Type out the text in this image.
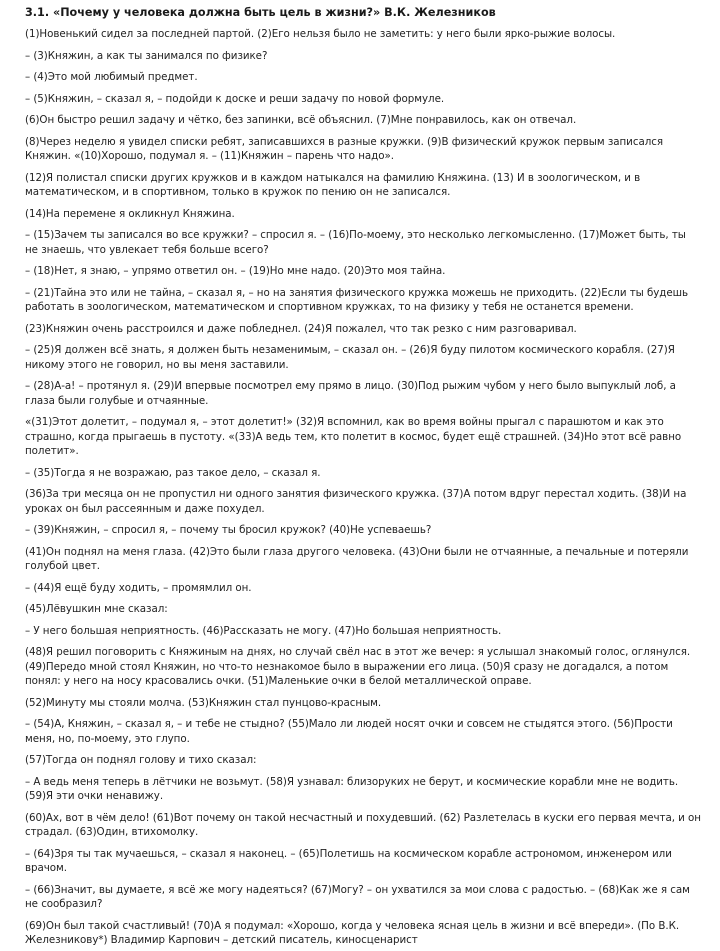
3.1. «Почему у человека должна быть цель в жизни?» В.К. Железников

(1)Новенький сидел за последней партой. (2)Его нельзя было не заметить: у него были ярко-рыжие волосы.

– (3)Княжин, а как ты занимался по физике?

– (4)Это мой любимый предмет.

– (5)Княжин, – сказал я, – подойди к доске и реши задачу по новой формуле.

(6)Он быстро решил задачу и чётко, без запинки, всё объяснил. (7)Мне понравилось, как он отвечал.

(8)Через неделю я увидел списки ребят, записавшихся в разные кружки. (9)В физический кружок первым записался Княжин. «(10)Хорошо, подумал я. – (11)Княжин – парень что надо».

(12)Я полистал списки других кружков и в каждом натыкался на фамилию Княжина. (13) И в зоологическом, и в математическом, и в спортивном, только в кружок по пению он не записался.

(14)На перемене я окликнул Княжина.

– (15)Зачем ты записался во все кружки? – спросил я. – (16)По-моему, это несколько легкомысленно. (17)Может быть, ты не знаешь, что увлекает тебя больше всего?

– (18)Нет, я знаю, – упрямо ответил он. – (19)Но мне надо. (20)Это моя тайна.

– (21)Тайна это или не тайна, – сказал я, – но на занятия физического кружка можешь не приходить. (22)Если ты будешь работать в зоологическом, математическом и спортивном кружках, то на физику у тебя не останется времени.

(23)Княжин очень расстроился и даже побледнел. (24)Я пожалел, что так резко с ним разговаривал.

– (25)Я должен всё знать, я должен быть незаменимым, – сказал он. – (26)Я буду пилотом космического корабля. (27)Я никому этого не говорил, но вы меня заставили.

– (28)А-а! – протянул я. (29)И впервые посмотрел ему прямо в лицо. (30)Под рыжим чубом у него было выпуклый лоб, а глаза были голубые и отчаянные.

«(31)Этот долетит, – подумал я, – этот долетит!» (32)Я вспомнил, как во время войны прыгал с парашютом и как это страшно, когда прыгаешь в пустоту. «(33)А ведь тем, кто полетит в космос, будет ещё страшней. (34)Но этот всё равно полетит».

– (35)Тогда я не возражаю, раз такое дело, – сказал я.

(36)За три месяца он не пропустил ни одного занятия физического кружка. (37)А потом вдруг перестал ходить. (38)И на уроках он был рассеянным и даже похудел.

– (39)Княжин, – спросил я, – почему ты бросил кружок? (40)Не успеваешь?

(41)Он поднял на меня глаза. (42)Это были глаза другого человека. (43)Они были не отчаянные, а печальные и потеряли голубой цвет.

– (44)Я ещё буду ходить, – промямлил он.

(45)Лёвушкин мне сказал:

– У него большая неприятность. (46)Рассказать не могу. (47)Но большая неприятность.

(48)Я решил поговорить с Княжиным на днях, но случай свёл нас в этот же вечер: я услышал знакомый голос, оглянулся. (49)Передо мной стоял Княжин, но что-то незнакомое было в выражении его лица. (50)Я сразу не догадался, а потом понял: у него на носу красовались очки. (51)Маленькие очки в белой металлической оправе.

(52)Минуту мы стояли молча. (53)Княжин стал пунцово-красным.

– (54)А, Княжин, – сказал я, – и тебе не стыдно? (55)Мало ли людей носят очки и совсем не стыдятся этого. (56)Прости меня, но, по-моему, это глупо.

(57)Тогда он поднял голову и тихо сказал:

– А ведь меня теперь в лётчики не возьмут. (58)Я узнавал: близоруких не берут, и космические корабли мне не водить. (59)Я эти очки ненавижу.

(60)Ах, вот в чём дело! (61)Вот почему он такой несчастный и похудевший. (62) Разлетелась в куски его первая мечта, и он страдал. (63)Один, втихомолку.

– (64)Зря ты так мучаешься, – сказал я наконец. – (65)Полетишь на космическом корабле астрономом, инженером или врачом.

– (66)Значит, вы думаете, я всё же могу надеяться? (67)Могу? – он ухватился за мои слова с радостью. – (68)Как же я сам не сообразил?

(69)Он был такой счастливый! (70)А я подумал: «Хорошо, когда у человека ясная цель в жизни и всё впереди». (По В.К. Железникову*) Владимир Карпович – детский писатель, киносценарист
